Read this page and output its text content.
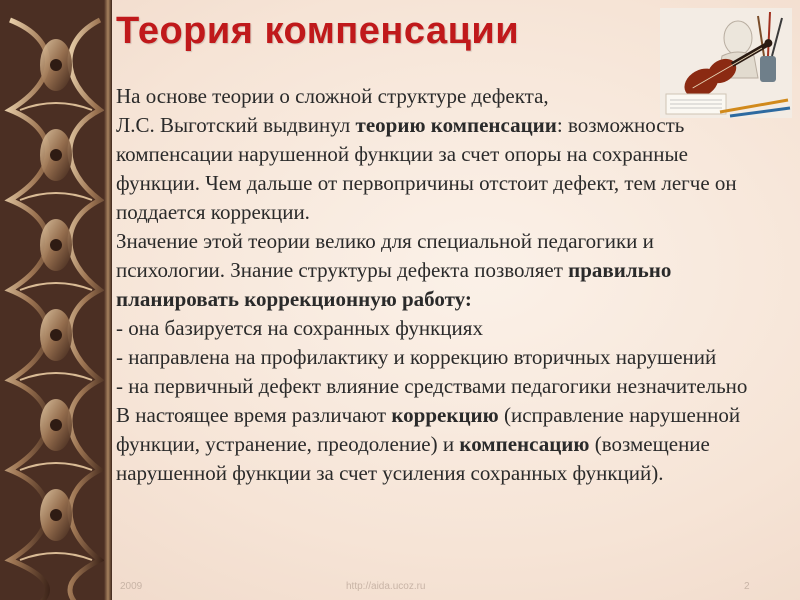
Теория компенсации

На основе теории о сложной структуре дефекта,
Л.С. Выготский выдвинул теорию компенсации: возможность компенсации нарушенной функции за счет опоры на сохранные функции. Чем дальше от первопричины отстоит дефект, тем легче он поддается коррекции.

Значение этой теории велико для специальной педагогики и психологии. Знание структуры дефекта позволяет правильно планировать коррекционную работу:

- она базируется на сохранных функциях

- направлена на профилактику и коррекцию вторичных нарушений

- на первичный дефект влияние средствами педагогики незначительно

В настоящее время различают коррекцию (исправление нарушенной функции, устранение, преодоление) и компенсацию (возмещение нарушенной функции за счет усиления сохранных функций).

2009	http://aida.ucoz.ru	2
